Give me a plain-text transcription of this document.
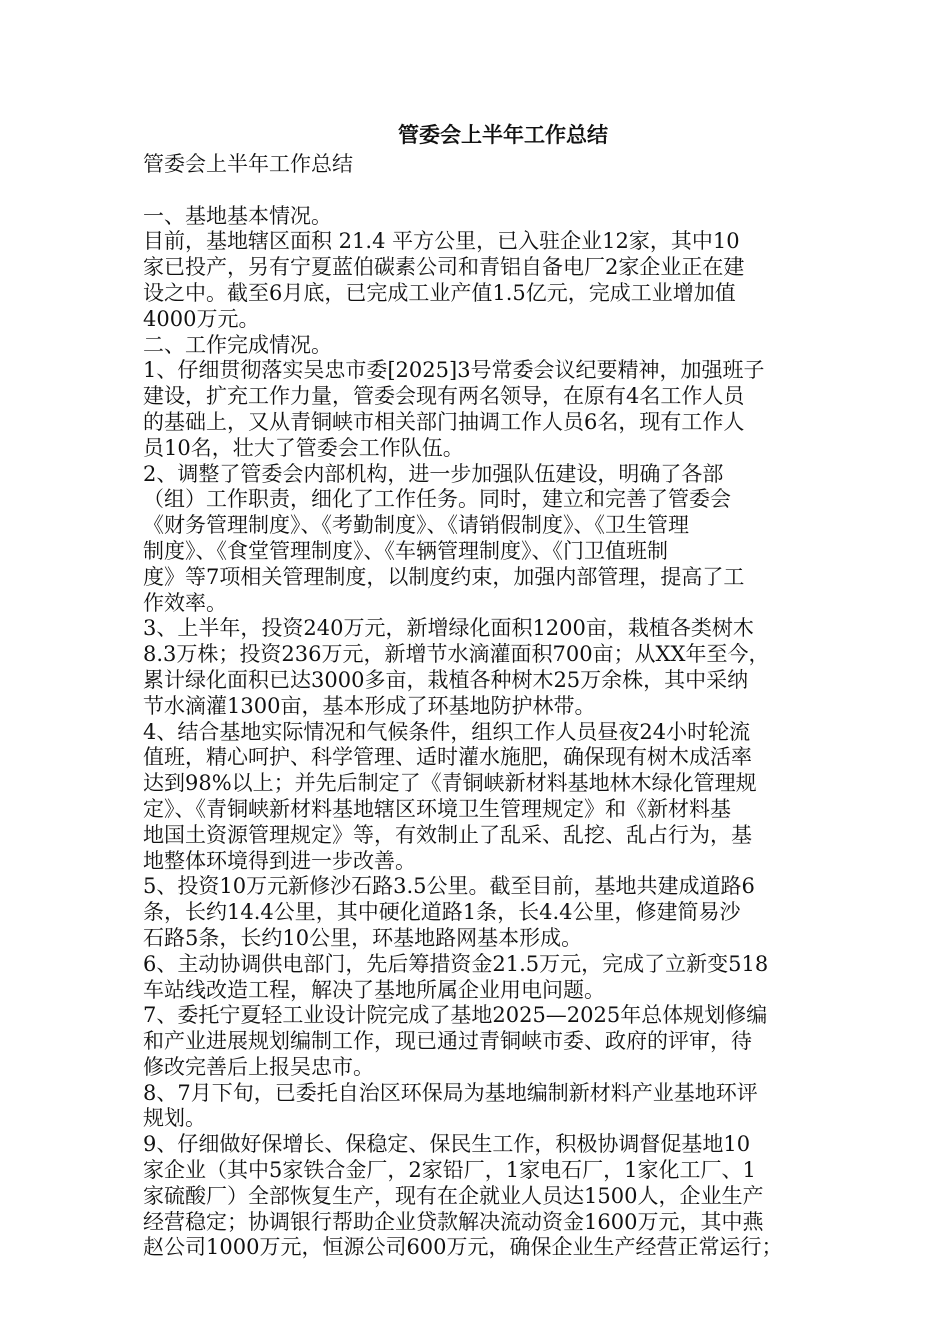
管委会上半年工作总结

管委会上半年工作总结

一、基地基本情况。

目前，基地辖区面积 21.4 平方公里，已入驻企业12家，其中10

家已投产，另有宁夏蓝伯碳素公司和青铝自备电厂2家企业正在建

设之中。截至6月底，已完成工业产值1.5亿元，完成工业增加值

4000万元。

二、工作完成情况。

1、仔细贯彻落实吴忠市委[2025]3号常委会议纪要精神，加强班子

建设，扩充工作力量，管委会现有两名领导，在原有4名工作人员

的基础上，又从青铜峡市相关部门抽调工作人员6名，现有工作人

员10名，壮大了管委会工作队伍。

2、调整了管委会内部机构，进一步加强队伍建设，明确了各部

（组）工作职责，细化了工作任务。同时，建立和完善了管委会

《财务管理制度》、《考勤制度》、《请销假制度》、《卫生管理

制度》、《食堂管理制度》、《车辆管理制度》、《门卫值班制

度》等7项相关管理制度，以制度约束，加强内部管理，提高了工

作效率。

3、上半年，投资240万元，新增绿化面积1200亩，栽植各类树木

8.3万株；投资236万元，新增节水滴灌面积700亩；从XX年至今，

累计绿化面积已达3000多亩，栽植各种树木25万余株，其中采纳

节水滴灌1300亩，基本形成了环基地防护林带。

4、结合基地实际情况和气候条件，组织工作人员昼夜24小时轮流

值班，精心呵护、科学管理、适时灌水施肥，确保现有树木成活率

达到98%以上；并先后制定了《青铜峡新材料基地林木绿化管理规

定》、《青铜峡新材料基地辖区环境卫生管理规定》和《新材料基

地国土资源管理规定》等，有效制止了乱采、乱挖、乱占行为，基

地整体环境得到进一步改善。

5、投资10万元新修沙石路3.5公里。截至目前，基地共建成道路6

条，长约14.4公里，其中硬化道路1条，长4.4公里，修建简易沙

石路5条，长约10公里，环基地路网基本形成。

6、主动协调供电部门，先后筹措资金21.5万元，完成了立新变518

车站线改造工程，解决了基地所属企业用电问题。

7、委托宁夏轻工业设计院完成了基地2025—2025年总体规划修编

和产业进展规划编制工作，现已通过青铜峡市委、政府的评审，待

修改完善后上报吴忠市。

8、7月下旬，已委托自治区环保局为基地编制新材料产业基地环评

规划。

9、仔细做好保增长、保稳定、保民生工作，积极协调督促基地10

家企业（其中5家铁合金厂，2家铅厂，1家电石厂，1家化工厂、1

家硫酸厂）全部恢复生产，现有在企就业人员达1500人，企业生产

经营稳定；协调银行帮助企业贷款解决流动资金1600万元，其中燕

赵公司1000万元，恒源公司600万元，确保企业生产经营正常运行；
